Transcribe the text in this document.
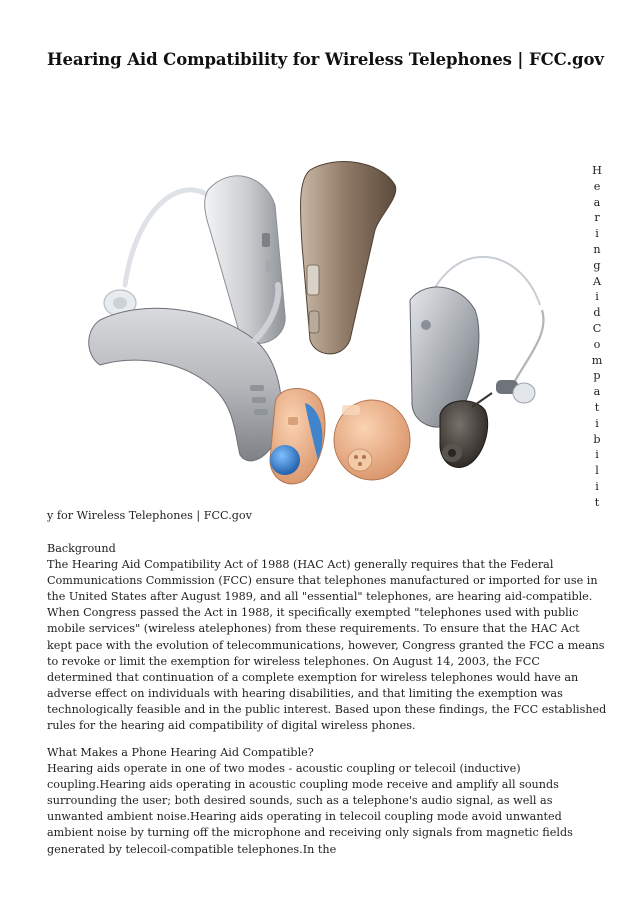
Hearing Aid Compatibility for Wireless Telephones | FCC.gov
H
e
a
r
i
n
g
A
i
d
C
o
m
p
a
t
i
b
i
l
i
t
y for Wireless Telephones | FCC.gov

Background
The Hearing Aid Compatibility Act of 1988 (HAC Act) generally requires that the Federal Communications Commission (FCC) ensure that telephones manufactured or imported for use in the United States after August 1989, and all "essential" telephones, are hearing aid-compatible. When Congress passed the Act in 1988, it specifically exempted "telephones used with public mobile services" (wireless atelephones) from these requirements. To ensure that the HAC Act kept pace with the evolution of telecommunications, however, Congress granted the FCC a means to revoke or limit the exemption for wireless telephones. On August 14, 2003, the FCC determined that continuation of a complete exemption for wireless telephones would have an adverse effect on individuals with hearing disabilities, and that limiting the exemption was technologically feasible and in the public interest. Based upon these findings, the FCC established rules for the hearing aid compatibility of digital wireless phones.

What Makes a Phone Hearing Aid Compatible?
Hearing aids operate in one of two modes - acoustic coupling or telecoil (inductive) coupling.Hearing aids operating in acoustic coupling mode receive and amplify all sounds surrounding the user; both desired sounds, such as a telephone's audio signal, as well as unwanted ambient noise.Hearing aids operating in telecoil coupling mode avoid unwanted ambient noise by turning off the microphone and receiving only signals from magnetic fields generated by telecoil-compatible telephones.In the
